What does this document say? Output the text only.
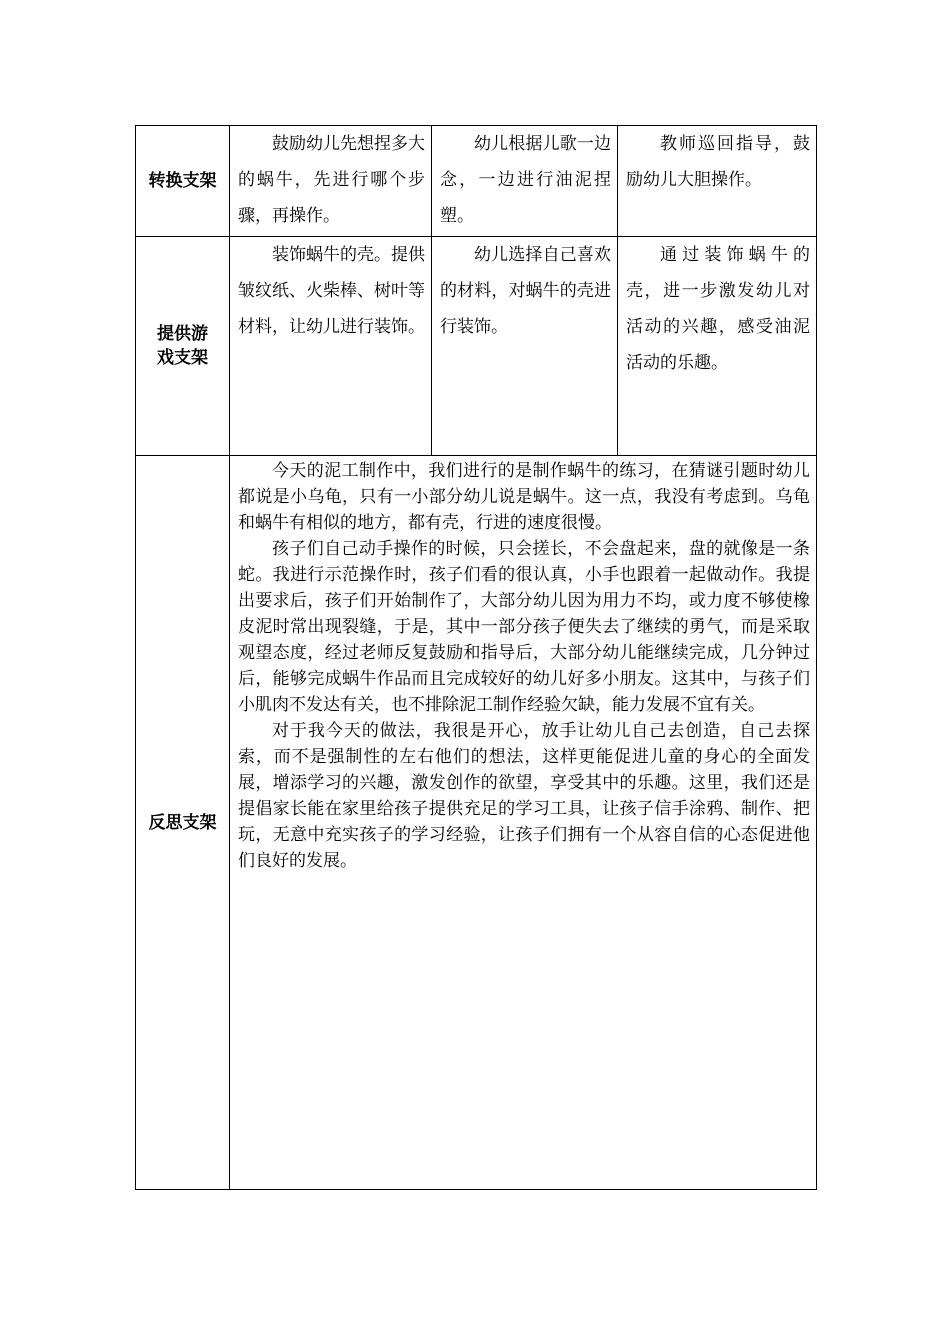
转换支架	鼓励幼儿先想捏多大的蜗牛，先进行哪个步骤，再操作。	幼儿根据儿歌一边念，一边进行油泥捏塑。	教师巡回指导，鼓励幼儿大胆操作。

提供游戏支架	装饰蜗牛的壳。提供皱纹纸、火柴棒、树叶等材料，让幼儿进行装饰。	幼儿选择自己喜欢的材料，对蜗牛的壳进行装饰。	通过装饰蜗牛的壳，进一步激发幼儿对活动的兴趣，感受油泥活动的乐趣。

反思支架	今天的泥工制作中，我们进行的是制作蜗牛的练习，在猜谜引题时幼儿都说是小乌龟，只有一小部分幼儿说是蜗牛。这一点，我没有考虑到。乌龟和蜗牛有相似的地方，都有壳，行进的速度很慢。

孩子们自己动手操作的时候，只会搓长，不会盘起来，盘的就像是一条蛇。我进行示范操作时，孩子们看的很认真，小手也跟着一起做动作。我提出要求后，孩子们开始制作了，大部分幼儿因为用力不均，或力度不够使橡皮泥时常出现裂缝，于是，其中一部分孩子便失去了继续的勇气，而是采取观望态度，经过老师反复鼓励和指导后，大部分幼儿能继续完成，几分钟过后，能够完成蜗牛作品而且完成较好的幼儿好多小朋友。这其中，与孩子们小肌肉不发达有关，也不排除泥工制作经验欠缺，能力发展不宜有关。

对于我今天的做法，我很是开心，放手让幼儿自己去创造，自己去探索，而不是强制性的左右他们的想法，这样更能促进儿童的身心的全面发展，增添学习的兴趣，激发创作的欲望，享受其中的乐趣。这里，我们还是提倡家长能在家里给孩子提供充足的学习工具，让孩子信手涂鸦、制作、把玩，无意中充实孩子的学习经验，让孩子们拥有一个从容自信的心态促进他们良好的发展。		
